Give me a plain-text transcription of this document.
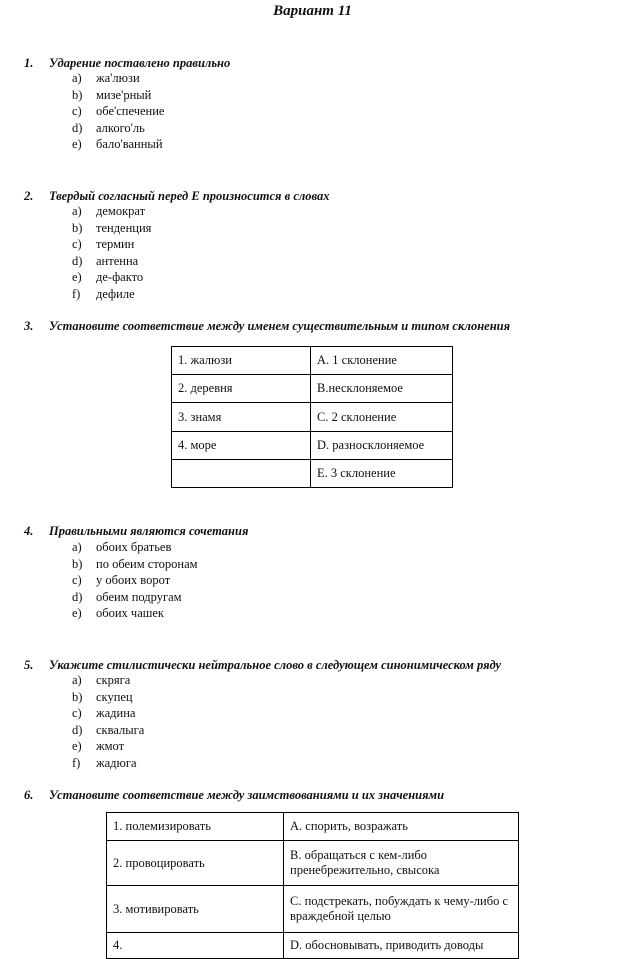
Вариант 11
1. Ударение поставлено правильно
a) жа'люзи
b) мизе'рный
c) обе'спечение
d) алкого'ль
e) бало'ванный
2. Твердый согласный перед Е произносится в словах
a) демократ
b) тенденция
c) термин
d) антенна
e) де-факто
f) дефиле
3. Установите соответствие между именем существительным и типом склонения
1. жалюзи	А. 1 склонение
2. деревня	В.несклоняемое
3. знамя	С. 2 склонение
4. море	D. разносклоняемое
	E. 3 склонение
4. Правильными являются сочетания
a) обоих братьев
b) по обеим сторонам
c) у обоих ворот
d) обеим подругам
e) обоих чашек
5. Укажите стилистически нейтральное слово в следующем синонимическом ряду
a) скряга
b) скупец
c) жадина
d) сквалыга
e) жмот
f) жадюга
6. Установите соответствие между заимствованиями и их значениями
1. полемизировать	А. спорить, возражать
2. провоцировать	В. обращаться с кем-либо пренебрежительно, свысока
3. мотивировать	С. подстрекать, побуждать к чему-либо с враждебной целью
4.	D. обосновывать, приводить доводы
